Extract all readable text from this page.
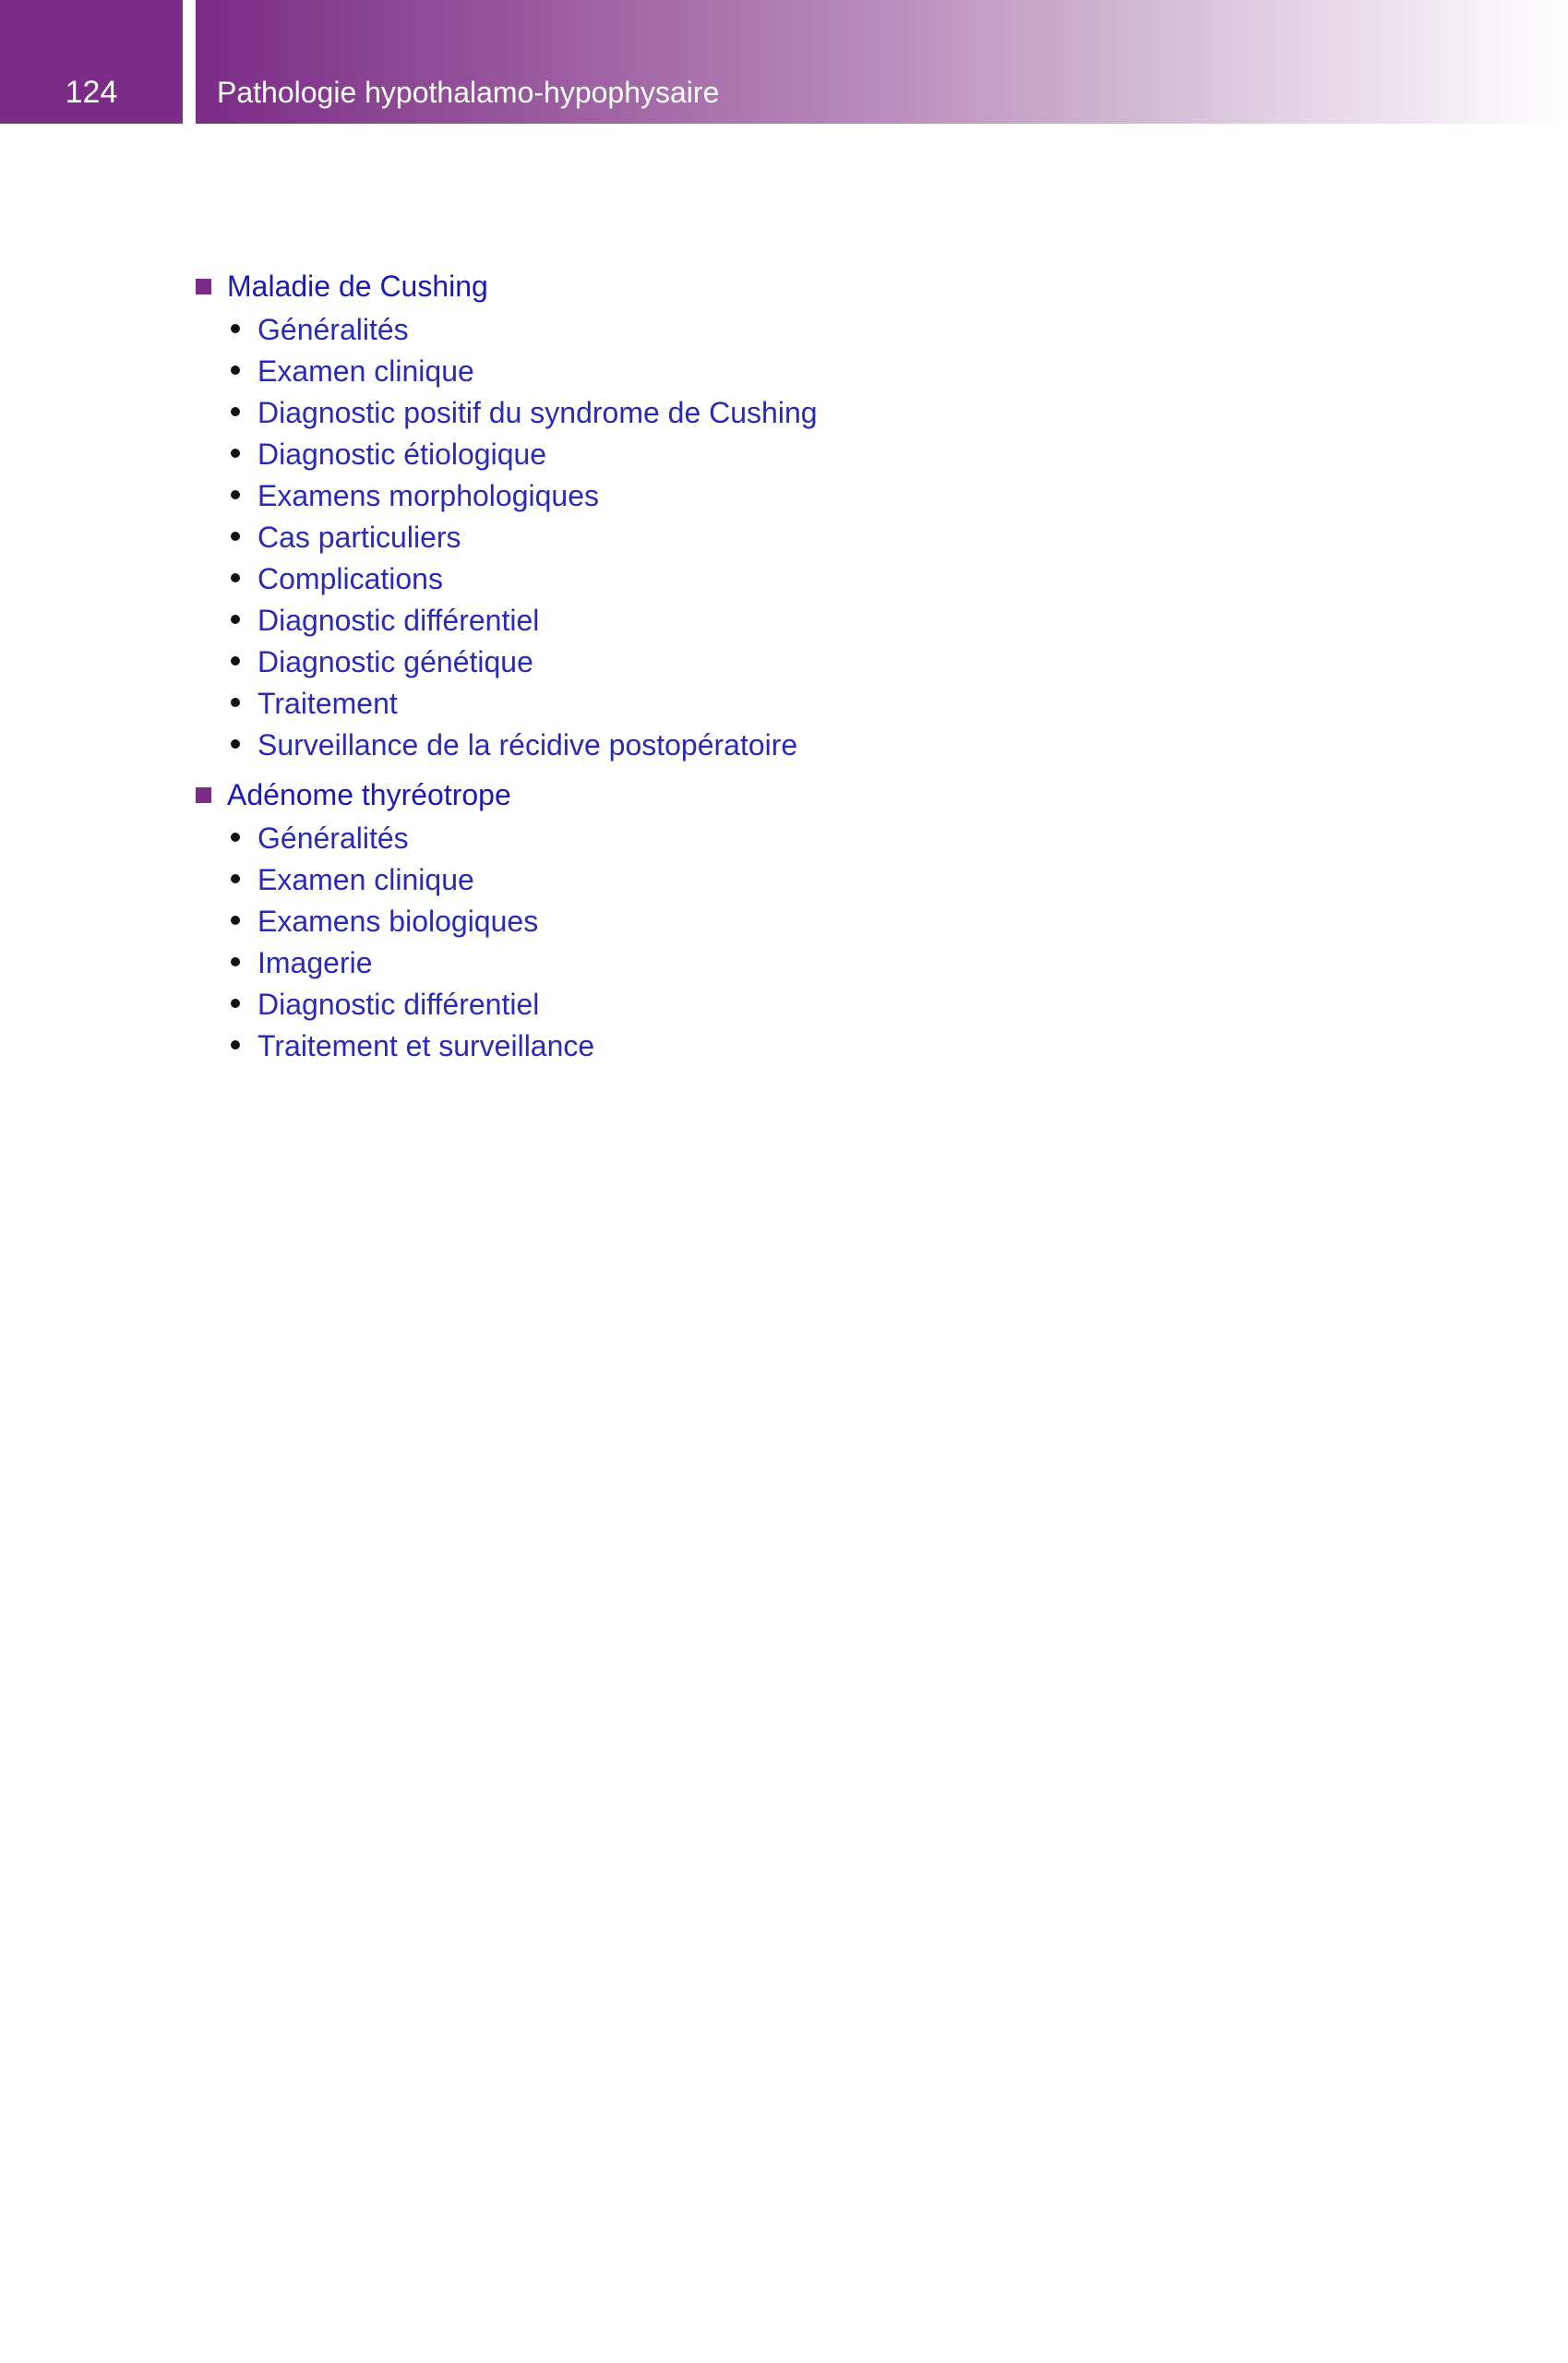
124	Pathologie hypothalamo-hypophysaire
Maladie de Cushing
Généralités
Examen clinique
Diagnostic positif du syndrome de Cushing
Diagnostic étiologique
Examens morphologiques
Cas particuliers
Complications
Diagnostic différentiel
Diagnostic génétique
Traitement
Surveillance de la récidive postopératoire
Adénome thyréotrope
Généralités
Examen clinique
Examens biologiques
Imagerie
Diagnostic différentiel
Traitement et surveillance
